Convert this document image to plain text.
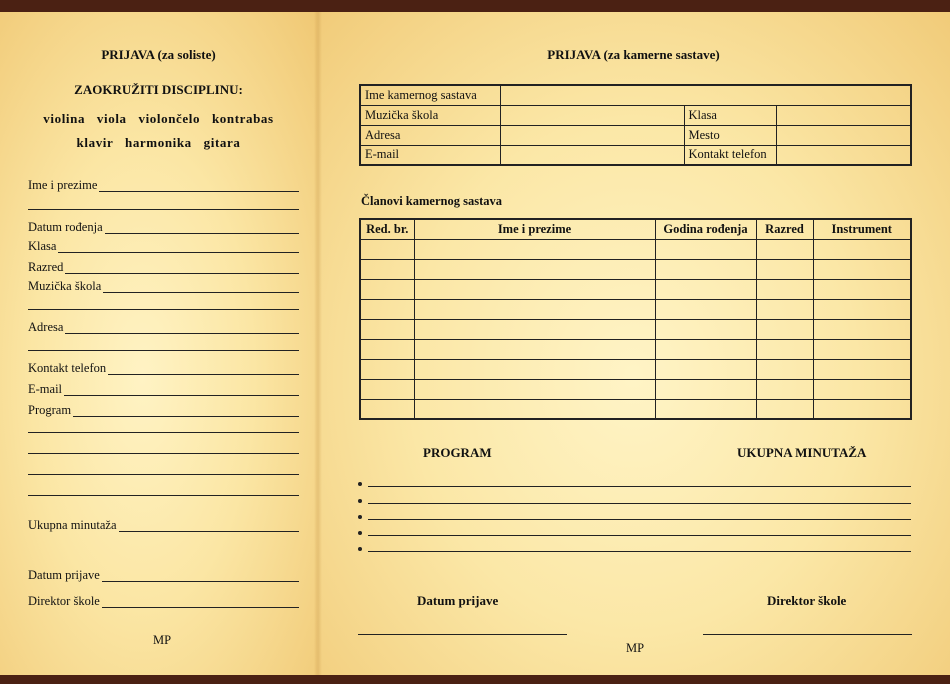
PRIJAVA (za soliste)
ZAOKRUŽITI DISCIPLINU:
violina viola violončelo kontrabas
klavir harmonika gitara
Ime i prezime
Datum rođenja
Klasa
Razred
Muzička škola
Adresa
Kontakt telefon
E-mail
Program
Ukupna minutaža
Datum prijave
Direktor škole
MP
PRIJAVA (za kamerne sastave)
Ime kamernog sastava			
Muzička škola		Klasa	
Adresa		Mesto	
E-mail		Kontakt telefon	
Članovi kamernog sastava
Red. br.	Ime i prezime	Godina rođenja	Razred	Instrument

PROGRAM	UKUPNA MINUTAŽA
Datum prijave	Direktor škole
MP
